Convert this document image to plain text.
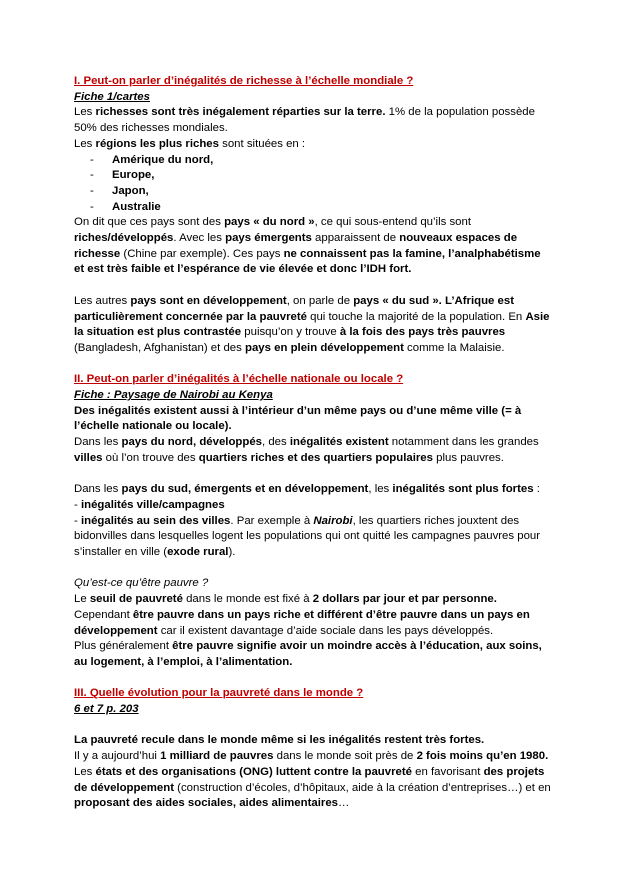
I. Peut-on parler d’inégalités de richesse à l’échelle mondiale ?

Fiche 1/cartes

Les richesses sont très inégalement réparties sur la terre. 1% de la population possède 50% des richesses mondiales.

Les régions les plus riches sont situées en :

- Amérique du nord,
- Europe,
- Japon,
- Australie

On dit que ces pays sont des pays « du nord », ce qui sous-entend qu’ils sont riches/développés. Avec les pays émergents apparaissent de nouveaux espaces de richesse (Chine par exemple). Ces pays ne connaissent pas la famine, l’analphabétisme et est très faible et l’espérance de vie élevée et donc l’IDH fort.

Les autres pays sont en développement, on parle de pays « du sud ». L’Afrique est particulièrement concernée par la pauvreté qui touche la majorité de la population. En Asie la situation est plus contrastée puisqu’on y trouve à la fois des pays très pauvres (Bangladesh, Afghanistan) et des pays en plein développement comme la Malaisie.

II. Peut-on parler d’inégalités à l’échelle nationale ou locale ?

Fiche : Paysage de Nairobi au Kenya

Des inégalités existent aussi à l’intérieur d’un même pays ou d’une même ville (= à l’échelle nationale ou locale).

Dans les pays du nord, développés, des inégalités existent notamment dans les grandes villes où l’on trouve des quartiers riches et des quartiers populaires plus pauvres.

Dans les pays du sud, émergents et en développement, les inégalités sont plus fortes :

- inégalités ville/campagnes

- inégalités au sein des villes. Par exemple à Nairobi, les quartiers riches jouxtent des bidonvilles dans lesquelles logent les populations qui ont quitté les campagnes pauvres pour s’installer en ville (exode rural).

Qu’est-ce qu’être pauvre ?

Le seuil de pauvreté dans le monde est fixé à 2 dollars par jour et par personne. Cependant être pauvre dans un pays riche et différent d’être pauvre dans un pays en développement car il existent davantage d’aide sociale dans les pays développés.

Plus généralement être pauvre signifie avoir un moindre accès à l’éducation, aux soins, au logement, à l’emploi, à l’alimentation.

III. Quelle évolution pour la pauvreté dans le monde ?

6 et 7 p. 203

La pauvreté recule dans le monde même si les inégalités restent très fortes.

Il y a aujourd’hui 1 milliard de pauvres dans le monde soit près de 2 fois moins qu’en 1980.

Les états et des organisations (ONG) luttent contre la pauvreté en favorisant des projets de développement (construction d’écoles, d’hôpitaux, aide à la création d’entreprises…) et en proposant des aides sociales, aides alimentaires…
